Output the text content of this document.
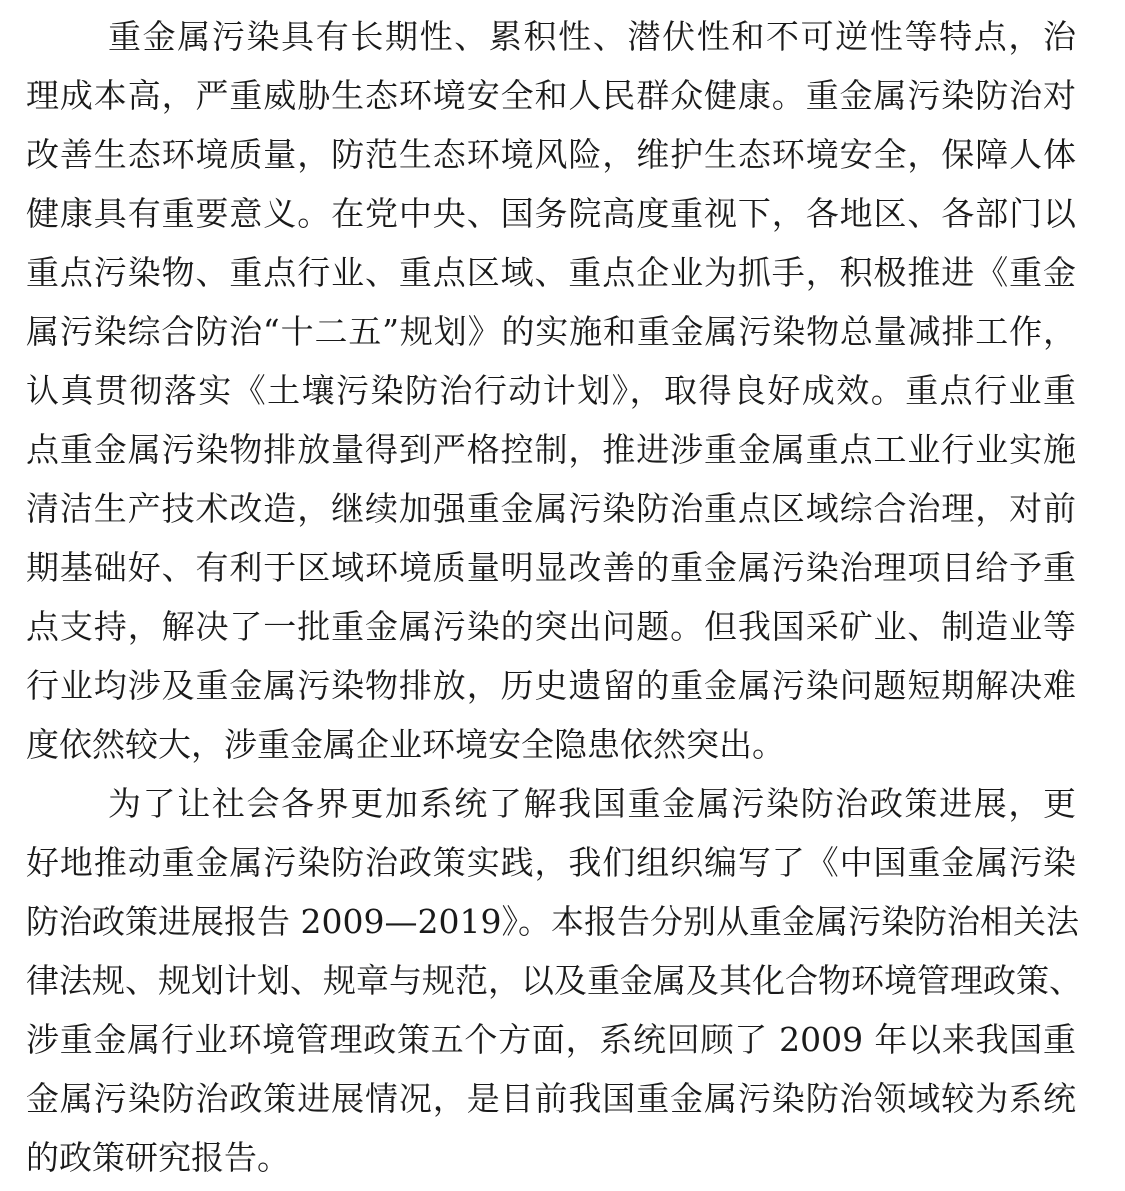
重金属污染具有长期性、累积性、潜伏性和不可逆性等特点，治
理成本高，严重威胁生态环境安全和人民群众健康。重金属污染防治对
改善生态环境质量，防范生态环境风险，维护生态环境安全，保障人体
健康具有重要意义。在党中央、国务院高度重视下，各地区、各部门以
重点污染物、重点行业、重点区域、重点企业为抓手，积极推进《重金
属污染综合防治“十二五”规划》的实施和重金属污染物总量减排工作，
认真贯彻落实《土壤污染防治行动计划》，取得良好成效。重点行业重
点重金属污染物排放量得到严格控制，推进涉重金属重点工业行业实施
清洁生产技术改造，继续加强重金属污染防治重点区域综合治理，对前
期基础好、有利于区域环境质量明显改善的重金属污染治理项目给予重
点支持，解决了一批重金属污染的突出问题。但我国采矿业、制造业等
行业均涉及重金属污染物排放，历史遗留的重金属污染问题短期解决难
度依然较大，涉重金属企业环境安全隐患依然突出。
为了让社会各界更加系统了解我国重金属污染防治政策进展，更
好地推动重金属污染防治政策实践，我们组织编写了《中国重金属污染
防治政策进展报告 2009—2019》。本报告分别从重金属污染防治相关法
律法规、规划计划、规章与规范，以及重金属及其化合物环境管理政策、
涉重金属行业环境管理政策五个方面，系统回顾了 2009 年以来我国重
金属污染防治政策进展情况，是目前我国重金属污染防治领域较为系统
的政策研究报告。
